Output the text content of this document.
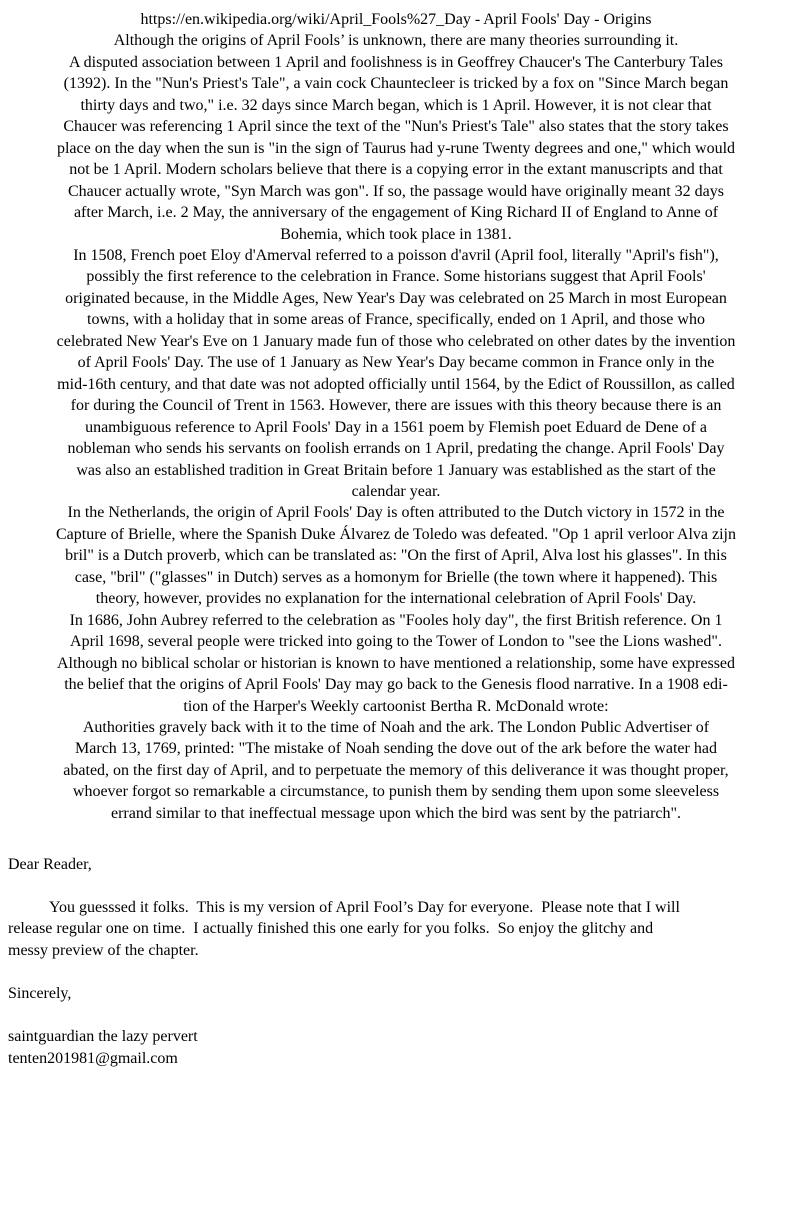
https://en.wikipedia.org/wiki/April_Fools%27_Day - April Fools' Day - Origins
Although the origins of April Fools’ is unknown, there are many theories surrounding it.
A disputed association between 1 April and foolishness is in Geoffrey Chaucer's The Canterbury Tales
(1392). In the "Nun's Priest's Tale", a vain cock Chauntecleer is tricked by a fox on "Since March began
thirty days and two," i.e. 32 days since March began, which is 1 April. However, it is not clear that
Chaucer was referencing 1 April since the text of the "Nun's Priest's Tale" also states that the story takes
place on the day when the sun is "in the sign of Taurus had y-rune Twenty degrees and one," which would
not be 1 April. Modern scholars believe that there is a copying error in the extant manuscripts and that
Chaucer actually wrote, "Syn March was gon". If so, the passage would have originally meant 32 days
after March, i.e. 2 May, the anniversary of the engagement of King Richard II of England to Anne of
Bohemia, which took place in 1381.
In 1508, French poet Eloy d'Amerval referred to a poisson d'avril (April fool, literally "April's fish"),
possibly the first reference to the celebration in France. Some historians suggest that April Fools'
originated because, in the Middle Ages, New Year's Day was celebrated on 25 March in most European
towns, with a holiday that in some areas of France, specifically, ended on 1 April, and those who
celebrated New Year's Eve on 1 January made fun of those who celebrated on other dates by the invention
of April Fools' Day. The use of 1 January as New Year's Day became common in France only in the
mid-16th century, and that date was not adopted officially until 1564, by the Edict of Roussillon, as called
for during the Council of Trent in 1563. However, there are issues with this theory because there is an
unambiguous reference to April Fools' Day in a 1561 poem by Flemish poet Eduard de Dene of a
nobleman who sends his servants on foolish errands on 1 April, predating the change. April Fools' Day
was also an established tradition in Great Britain before 1 January was established as the start of the
calendar year.
In the Netherlands, the origin of April Fools' Day is often attributed to the Dutch victory in 1572 in the
Capture of Brielle, where the Spanish Duke Álvarez de Toledo was defeated. "Op 1 april verloor Alva zijn
bril" is a Dutch proverb, which can be translated as: "On the first of April, Alva lost his glasses". In this
case, "bril" ("glasses" in Dutch) serves as a homonym for Brielle (the town where it happened). This
theory, however, provides no explanation for the international celebration of April Fools' Day.
In 1686, John Aubrey referred to the celebration as "Fooles holy day", the first British reference. On 1
April 1698, several people were tricked into going to the Tower of London to "see the Lions washed".
Although no biblical scholar or historian is known to have mentioned a relationship, some have expressed
the belief that the origins of April Fools' Day may go back to the Genesis flood narrative. In a 1908 edi-
tion of the Harper's Weekly cartoonist Bertha R. McDonald wrote:
Authorities gravely back with it to the time of Noah and the ark. The London Public Advertiser of
March 13, 1769, printed: "The mistake of Noah sending the dove out of the ark before the water had
abated, on the first day of April, and to perpetuate the memory of this deliverance it was thought proper,
whoever forgot so remarkable a circumstance, to punish them by sending them upon some sleeveless
errand similar to that ineffectual message upon which the bird was sent by the patriarch".
Dear Reader,
You guesssed it folks.  This is my version of April Fool’s Day for everyone.  Please note that I will
release regular one on time.  I actually finished this one early for you folks.  So enjoy the glitchy and
messy preview of the chapter.
Sincerely,
saintguardian the lazy pervert
tenten201981@gmail.com
